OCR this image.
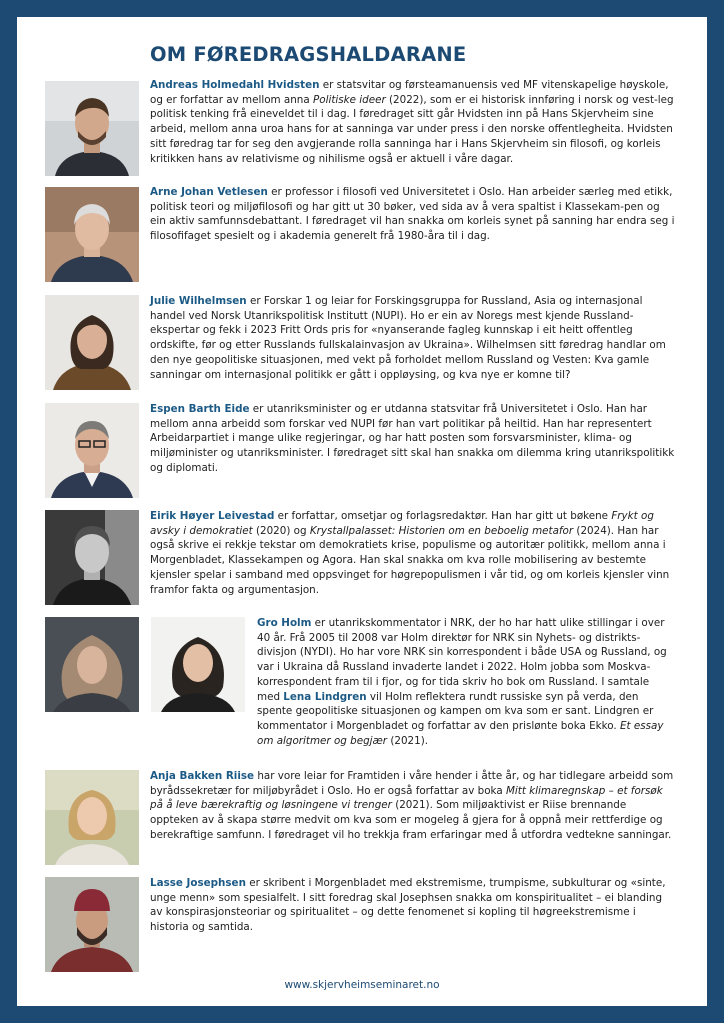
OM FØREDRAGSHALDARANE
Andreas Holmedahl Hvidsten er statsvitar og førsteamanuensis ved MF vitenskapelige høyskole, og er forfattar av mellom anna Politiske ideer (2022), som er ei historisk innføring i norsk og vest-leg politisk tenking frå eineveldet til i dag. I føredraget sitt går Hvidsten inn på Hans Skjervheim sine arbeid, mellom anna uroa hans for at sanninga var under press i den norske offentlegheita. Hvidsten sitt føredrag tar for seg den avgjerande rolla sanninga har i Hans Skjervheim sin filosofi, og korleis kritikken hans av relativisme og nihilisme også er aktuell i våre dagar.
Arne Johan Vetlesen er professor i filosofi ved Universitetet i Oslo. Han arbeider særleg med etikk, politisk teori og miljøfilosofi og har gitt ut 30 bøker, ved sida av å vera spaltist i Klassekam-pen og ein aktiv samfunnsdebattant. I føredraget vil han snakka om korleis synet på sanning har endra seg i filosofifaget spesielt og i akademia generelt frå 1980-åra til i dag.
Julie Wilhelmsen er Forskar 1 og leiar for Forskingsgruppa for Russland, Asia og internasjonal handel ved Norsk Utanrikspolitisk Institutt (NUPI). Ho er ein av Noregs mest kjende Russland-ekspertar og fekk i 2023 Fritt Ords pris for «nyanserande fagleg kunnskap i eit heitt offentleg ordskifte, før og etter Russlands fullskalainvasjon av Ukraina». Wilhelmsen sitt føredrag handlar om den nye geopolitiske situasjonen, med vekt på forholdet mellom Russland og Vesten: Kva gamle sanningar om internasjonal politikk er gått i oppløysing, og kva nye er komne til?
Espen Barth Eide er utanriksminister og er utdanna statsvitar frå Universitetet i Oslo. Han har mellom anna arbeidd som forskar ved NUPI før han vart politikar på heiltid. Han har representert Arbeidarpartiet i mange ulike regjeringar, og har hatt posten som forsvarsminister, klima- og miljøminister og utanriksminister. I føredraget sitt skal han snakka om dilemma kring utanrikspolitikk og diplomati.
Eirik Høyer Leivestad er forfattar, omsetjar og forlagsredaktør. Han har gitt ut bøkene Frykt og avsky i demokratiet (2020) og Krystallpalasset: Historien om en beboelig metafor (2024). Han har også skrive ei rekkje tekstar om demokratiets krise, populisme og autoritær politikk, mellom anna i Morgenbladet, Klassekampen og Agora. Han skal snakka om kva rolle mobilisering av bestemte kjensler spelar i samband med oppsvinget for høgrepopulismen i vår tid, og om korleis kjensler vinn framfor fakta og argumentasjon.
Gro Holm er utanrikskommentator i NRK, der ho har hatt ulike stillingar i over 40 år. Frå 2005 til 2008 var Holm direktør for NRK sin Nyhets- og distrikts-divisjon (NYDI). Ho har vore NRK sin korrespondent i både USA og Russland, og var i Ukraina då Russland invaderte landet i 2022. Holm jobba som Moskva-korrespondent fram til i fjor, og for tida skriv ho bok om Russland. I samtale med Lena Lindgren vil Holm reflektera rundt russiske syn på verda, den spente geopolitiske situasjonen og kampen om kva som er sant. Lindgren er kommentator i Morgenbladet og forfattar av den prislønte boka Ekko. Et essay om algoritmer og begjær (2021).
Anja Bakken Riise har vore leiar for Framtiden i våre hender i åtte år, og har tidlegare arbeidd som byrådssekretær for miljøbyrådet i Oslo. Ho er også forfattar av boka Mitt klimaregnskap – et forsøk på å leve bærekraftig og løsningene vi trenger (2021). Som miljøaktivist er Riise brennande oppteken av å skapa større medvit om kva som er mogeleg å gjera for å oppnå meir rettferdige og berekraftige samfunn. I føredraget vil ho trekkja fram erfaringar med å utfordra vedtekne sanningar.
Lasse Josephsen er skribent i Morgenbladet med ekstremisme, trumpisme, subkulturar og «sinte, unge menn» som spesialfelt. I sitt foredrag skal Josephsen snakka om konspiritualitet – ei blanding av konspirasjonsteoriar og spiritualitet – og dette fenomenet si kopling til høgreekstremisme i historia og samtida.
www.skjervheimseminaret.no
